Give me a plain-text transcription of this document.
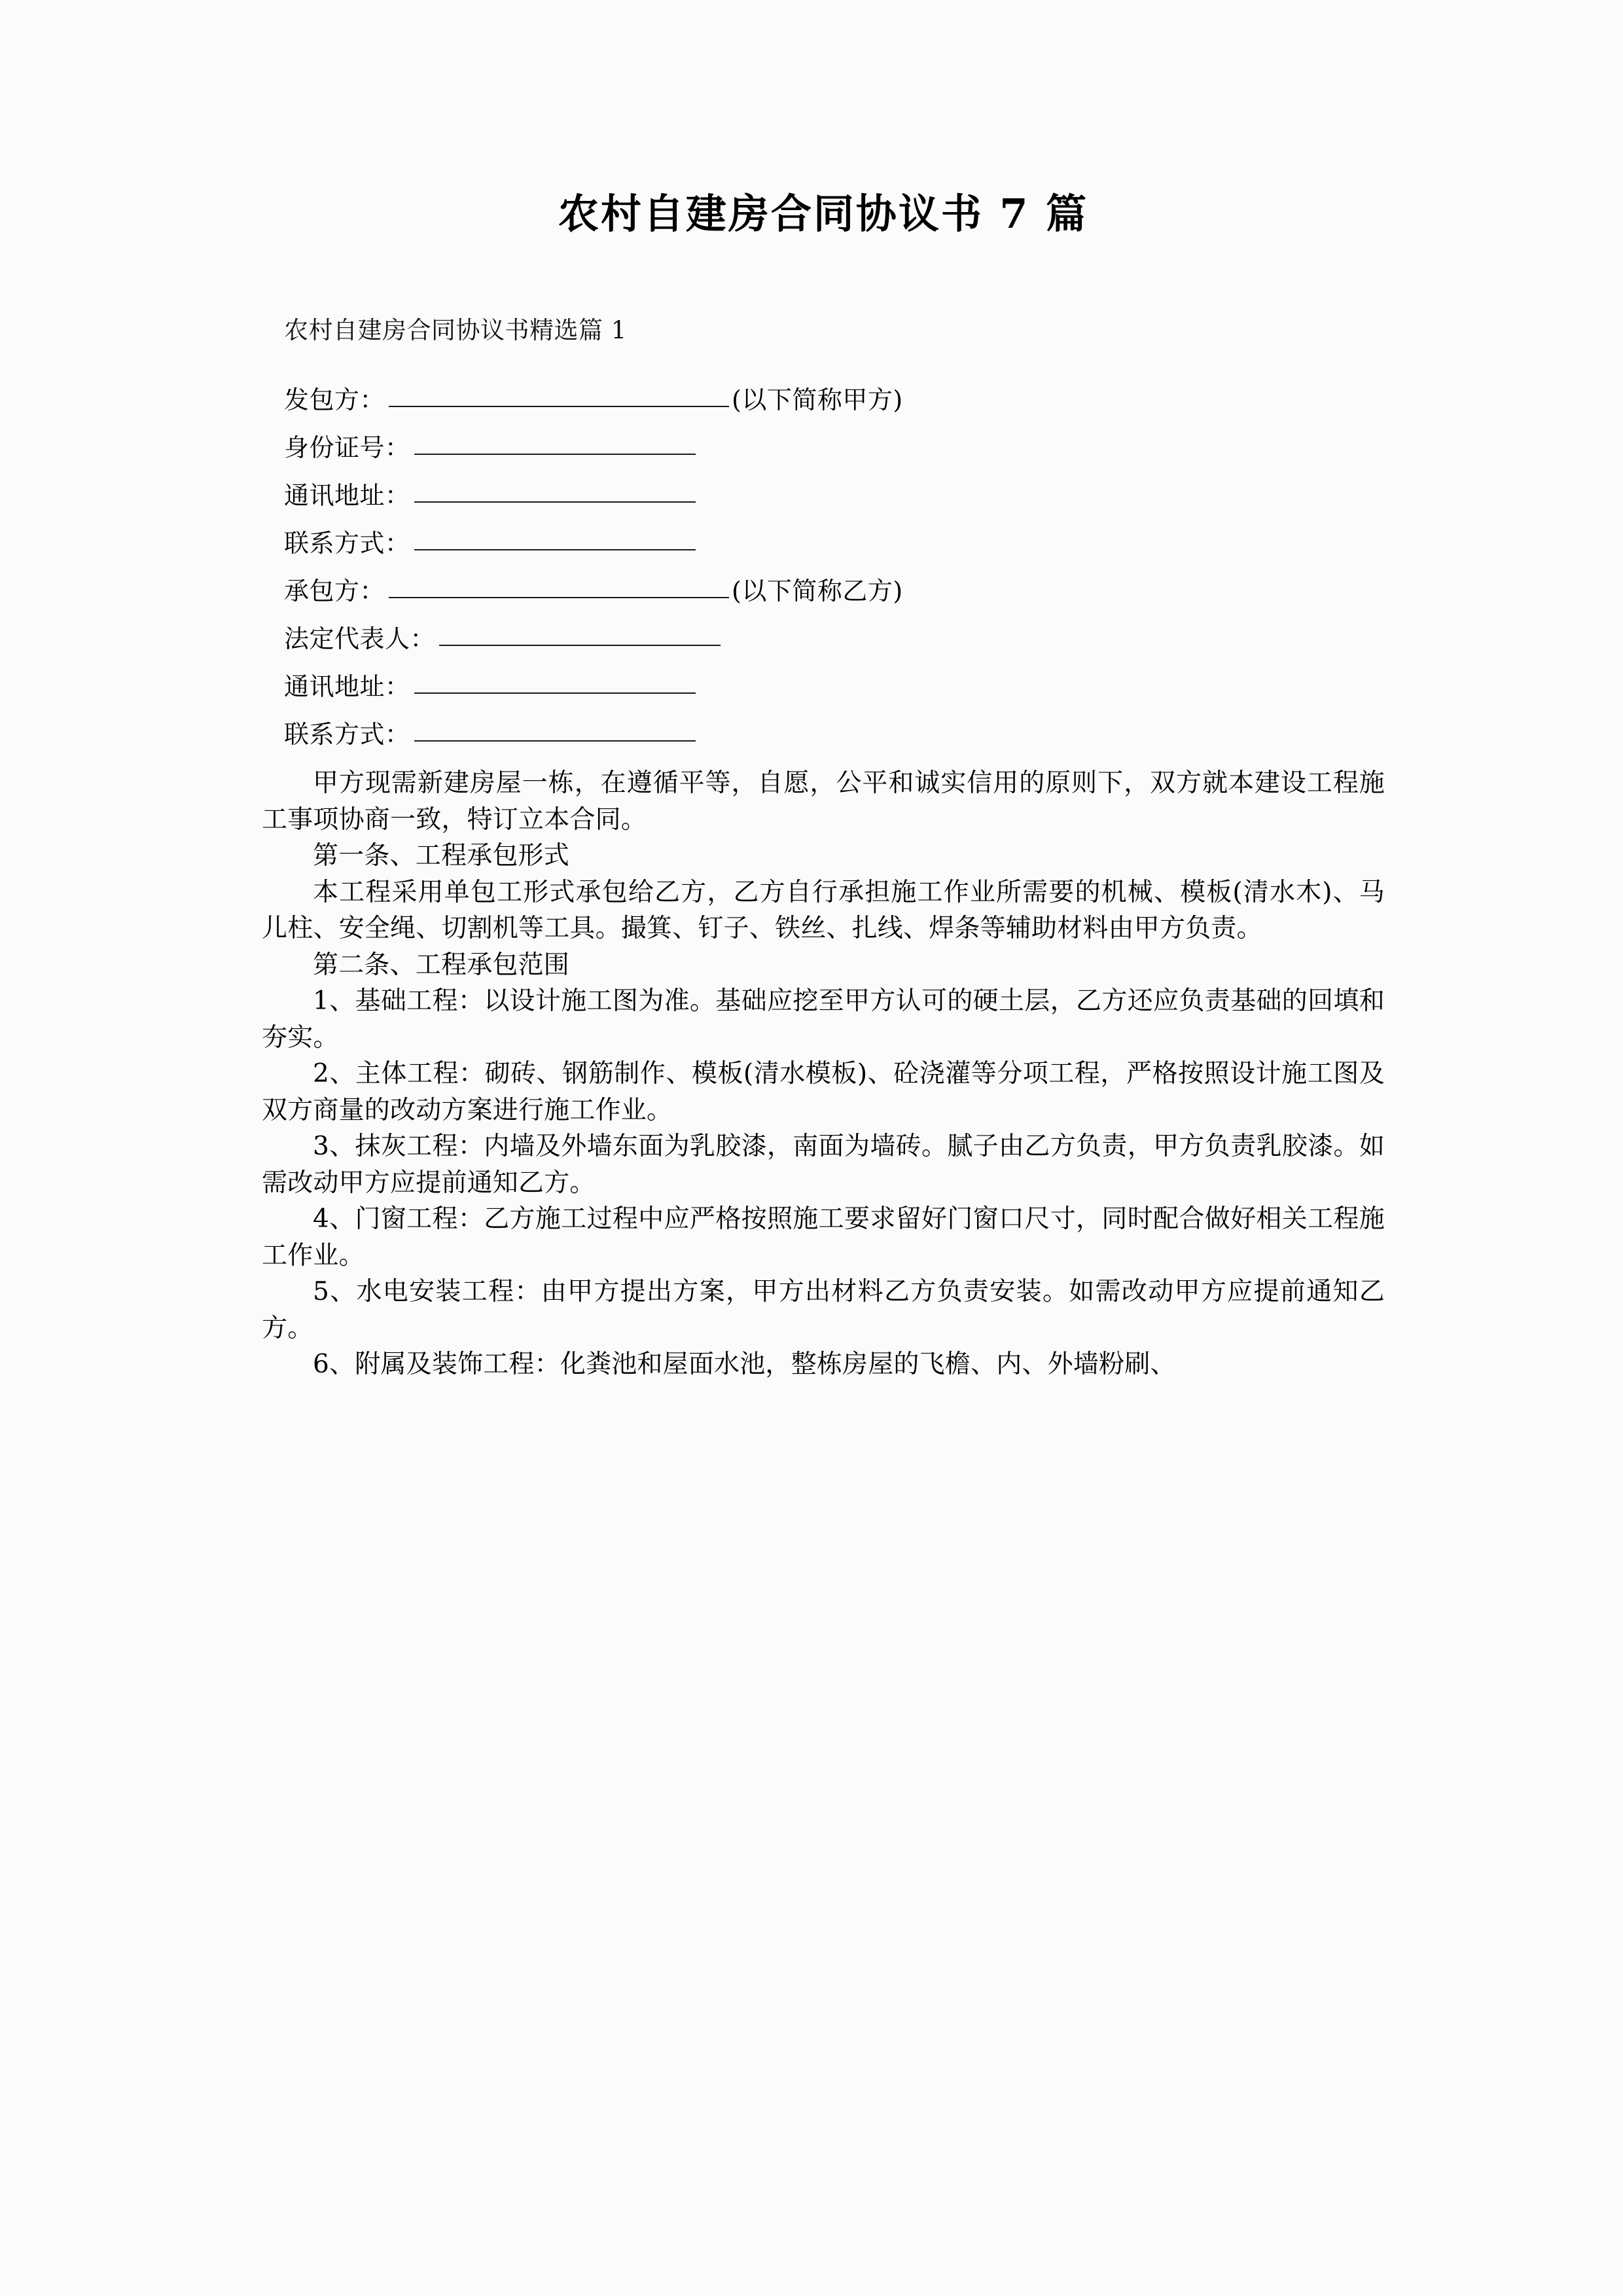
农村自建房合同协议书 7 篇

农村自建房合同协议书精选篇 1

发包方：	(以下简称甲方)
身份证号：
通讯地址：
联系方式：
承包方：	(以下简称乙方)
法定代表人：
通讯地址：
联系方式：

甲方现需新建房屋一栋，在遵循平等，自愿，公平和诚实信用的原则下，双方就本建设工程施工事项协商一致，特订立本合同。

第一条、工程承包形式

本工程采用单包工形式承包给乙方，乙方自行承担施工作业所需要的机械、模板(清水木)、马儿柱、安全绳、切割机等工具。撮箕、钉子、铁丝、扎线、焊条等辅助材料由甲方负责。

第二条、工程承包范围

1、基础工程：以设计施工图为准。基础应挖至甲方认可的硬土层，乙方还应负责基础的回填和夯实。

2、主体工程：砌砖、钢筋制作、模板(清水模板)、砼浇灌等分项工程，严格按照设计施工图及双方商量的改动方案进行施工作业。

3、抹灰工程：内墙及外墙东面为乳胶漆，南面为墙砖。腻子由乙方负责，甲方负责乳胶漆。如需改动甲方应提前通知乙方。

4、门窗工程：乙方施工过程中应严格按照施工要求留好门窗口尺寸，同时配合做好相关工程施工作业。

5、水电安装工程：由甲方提出方案，甲方出材料乙方负责安装。如需改动甲方应提前通知乙方。

6、附属及装饰工程：化粪池和屋面水池，整栋房屋的飞檐、内、外墙粉刷、
